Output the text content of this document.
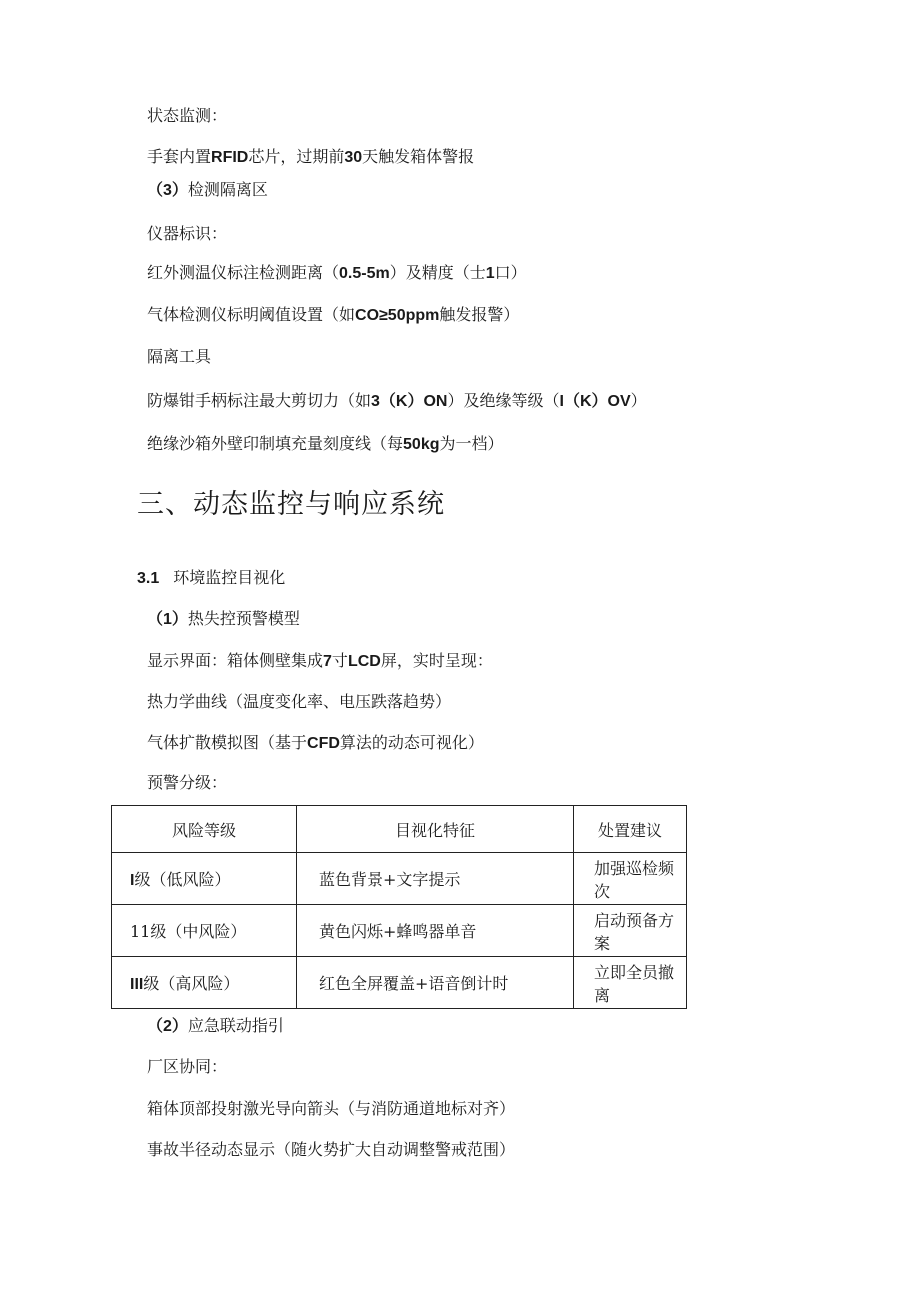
状态监测：
手套内置RFID芯片，过期前30天触发箱体警报
（3）检测隔离区
仪器标识：
红外测温仪标注检测距离（0.5-5m）及精度（士1口）
气体检测仪标明阈值设置（如CO≥50ppm触发报警）
隔离工具
防爆钳手柄标注最大剪切力（如3（K）ON）及绝缘等级（I（K）OV）
绝缘沙箱外壁印制填充量刻度线（每50kg为一档）
三、动态监控与响应系统
3.1 环境监控目视化
（1）热失控预警模型
显示界面：箱体侧壁集成7寸LCD屏，实时呈现：
热力学曲线（温度变化率、电压跌落趋势）
气体扩散模拟图（基于CFD算法的动态可视化）
预警分级：
风险等级	目视化特征	处置建议
I级（低风险）	蓝色背景+文字提示	加强巡检频次
11级（中风险）	黄色闪烁+蜂鸣器单音	启动预备方案
III级（高风险）	红色全屏覆盖+语音倒计时	立即全员撤离
（2）应急联动指引
厂区协同：
箱体顶部投射激光导向箭头（与消防通道地标对齐）
事故半径动态显示（随火势扩大自动调整警戒范围）
